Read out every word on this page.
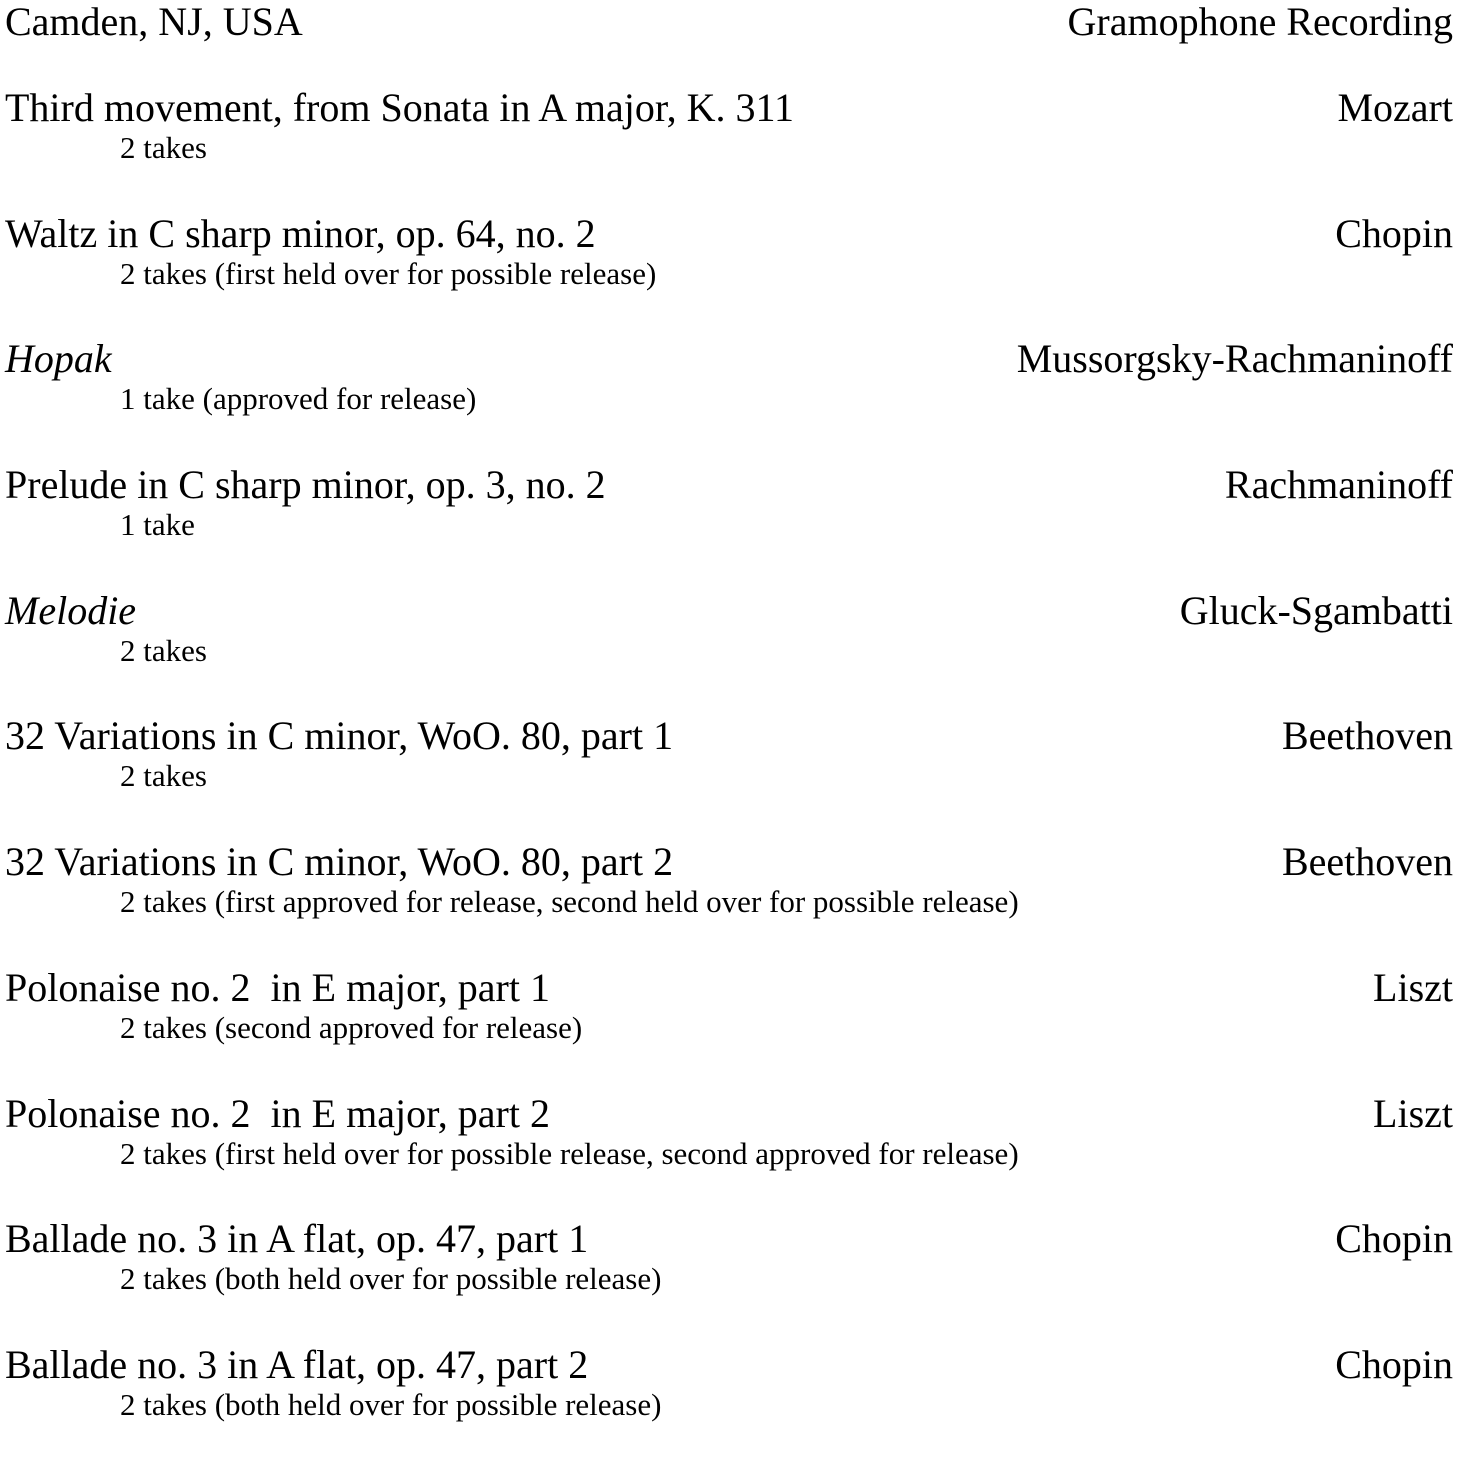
Camden, NJ, USA	Gramophone Recording
Third movement, from Sonata in A major, K. 311	Mozart
2 takes
Waltz in C sharp minor, op. 64, no. 2	Chopin
2 takes (first held over for possible release)
Hopak	Mussorgsky-Rachmaninoff
1 take (approved for release)
Prelude in C sharp minor, op. 3, no. 2	Rachmaninoff
1 take
Melodie	Gluck-Sgambatti
2 takes
32 Variations in C minor, WoO. 80, part 1	Beethoven
2 takes
32 Variations in C minor, WoO. 80, part 2	Beethoven
2 takes (first approved for release, second held over for possible release)
Polonaise no. 2  in E major, part 1	Liszt
2 takes (second approved for release)
Polonaise no. 2  in E major, part 2	Liszt
2 takes (first held over for possible release, second approved for release)
Ballade no. 3 in A flat, op. 47, part 1	Chopin
2 takes (both held over for possible release)
Ballade no. 3 in A flat, op. 47, part 2	Chopin
2 takes (both held over for possible release)
